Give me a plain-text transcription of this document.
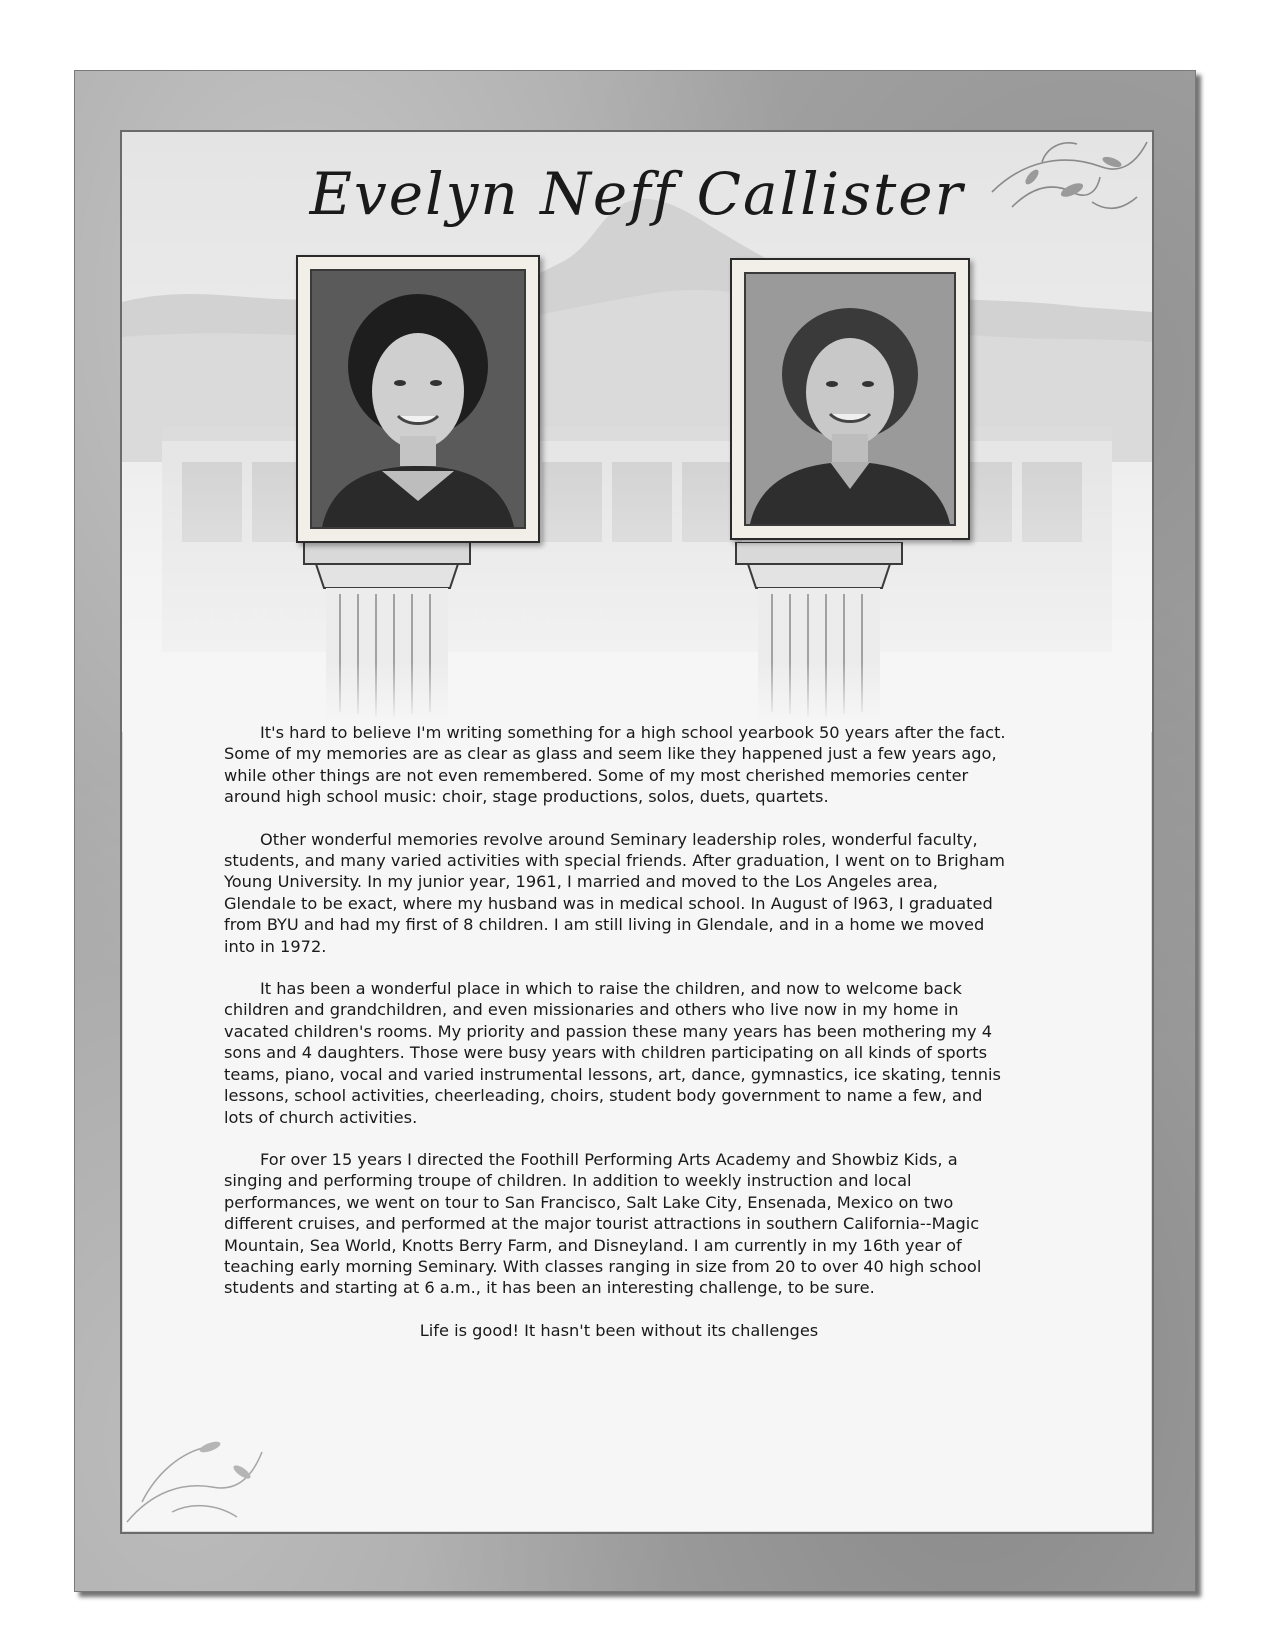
Evelyn Neff Callister

It's hard to believe I'm writing something for a high school yearbook 50 years after the fact. Some of my memories are as clear as glass and seem like they happened just a few years ago, while other things are not even remembered. Some of my most cherished memories center around high school music: choir, stage productions, solos, duets, quartets.

Other wonderful memories revolve around Seminary leadership roles, wonderful faculty, students, and many varied activities with special friends. After graduation, I went on to Brigham Young University. In my junior year, 1961, I married and moved to the Los Angeles area, Glendale to be exact, where my husband was in medical school. In August of l963, I graduated from BYU and had my first of 8 children. I am still living in Glendale, and in a home we moved into in 1972.

It has been a wonderful place in which to raise the children, and now to welcome back children and grandchildren, and even missionaries and others who live now in my home in vacated children's rooms. My priority and passion these many years has been mothering my 4 sons and 4 daughters. Those were busy years with children participating on all kinds of sports teams, piano, vocal and varied instrumental lessons, art, dance, gymnastics, ice skating, tennis lessons, school activities, cheerleading, choirs, student body government to name a few, and lots of church activities.

For over 15 years I directed the Foothill Performing Arts Academy and Showbiz Kids, a singing and performing troupe of children. In addition to weekly instruction and local performances, we went on tour to San Francisco, Salt Lake City, Ensenada, Mexico on two different cruises, and performed at the major tourist attractions in southern California--Magic Mountain, Sea World, Knotts Berry Farm, and Disneyland. I am currently in my 16th year of teaching early morning Seminary. With classes ranging in size from 20 to over 40 high school students and starting at 6 a.m., it has been an interesting challenge, to be sure.

Life is good! It hasn't been without its challenges
